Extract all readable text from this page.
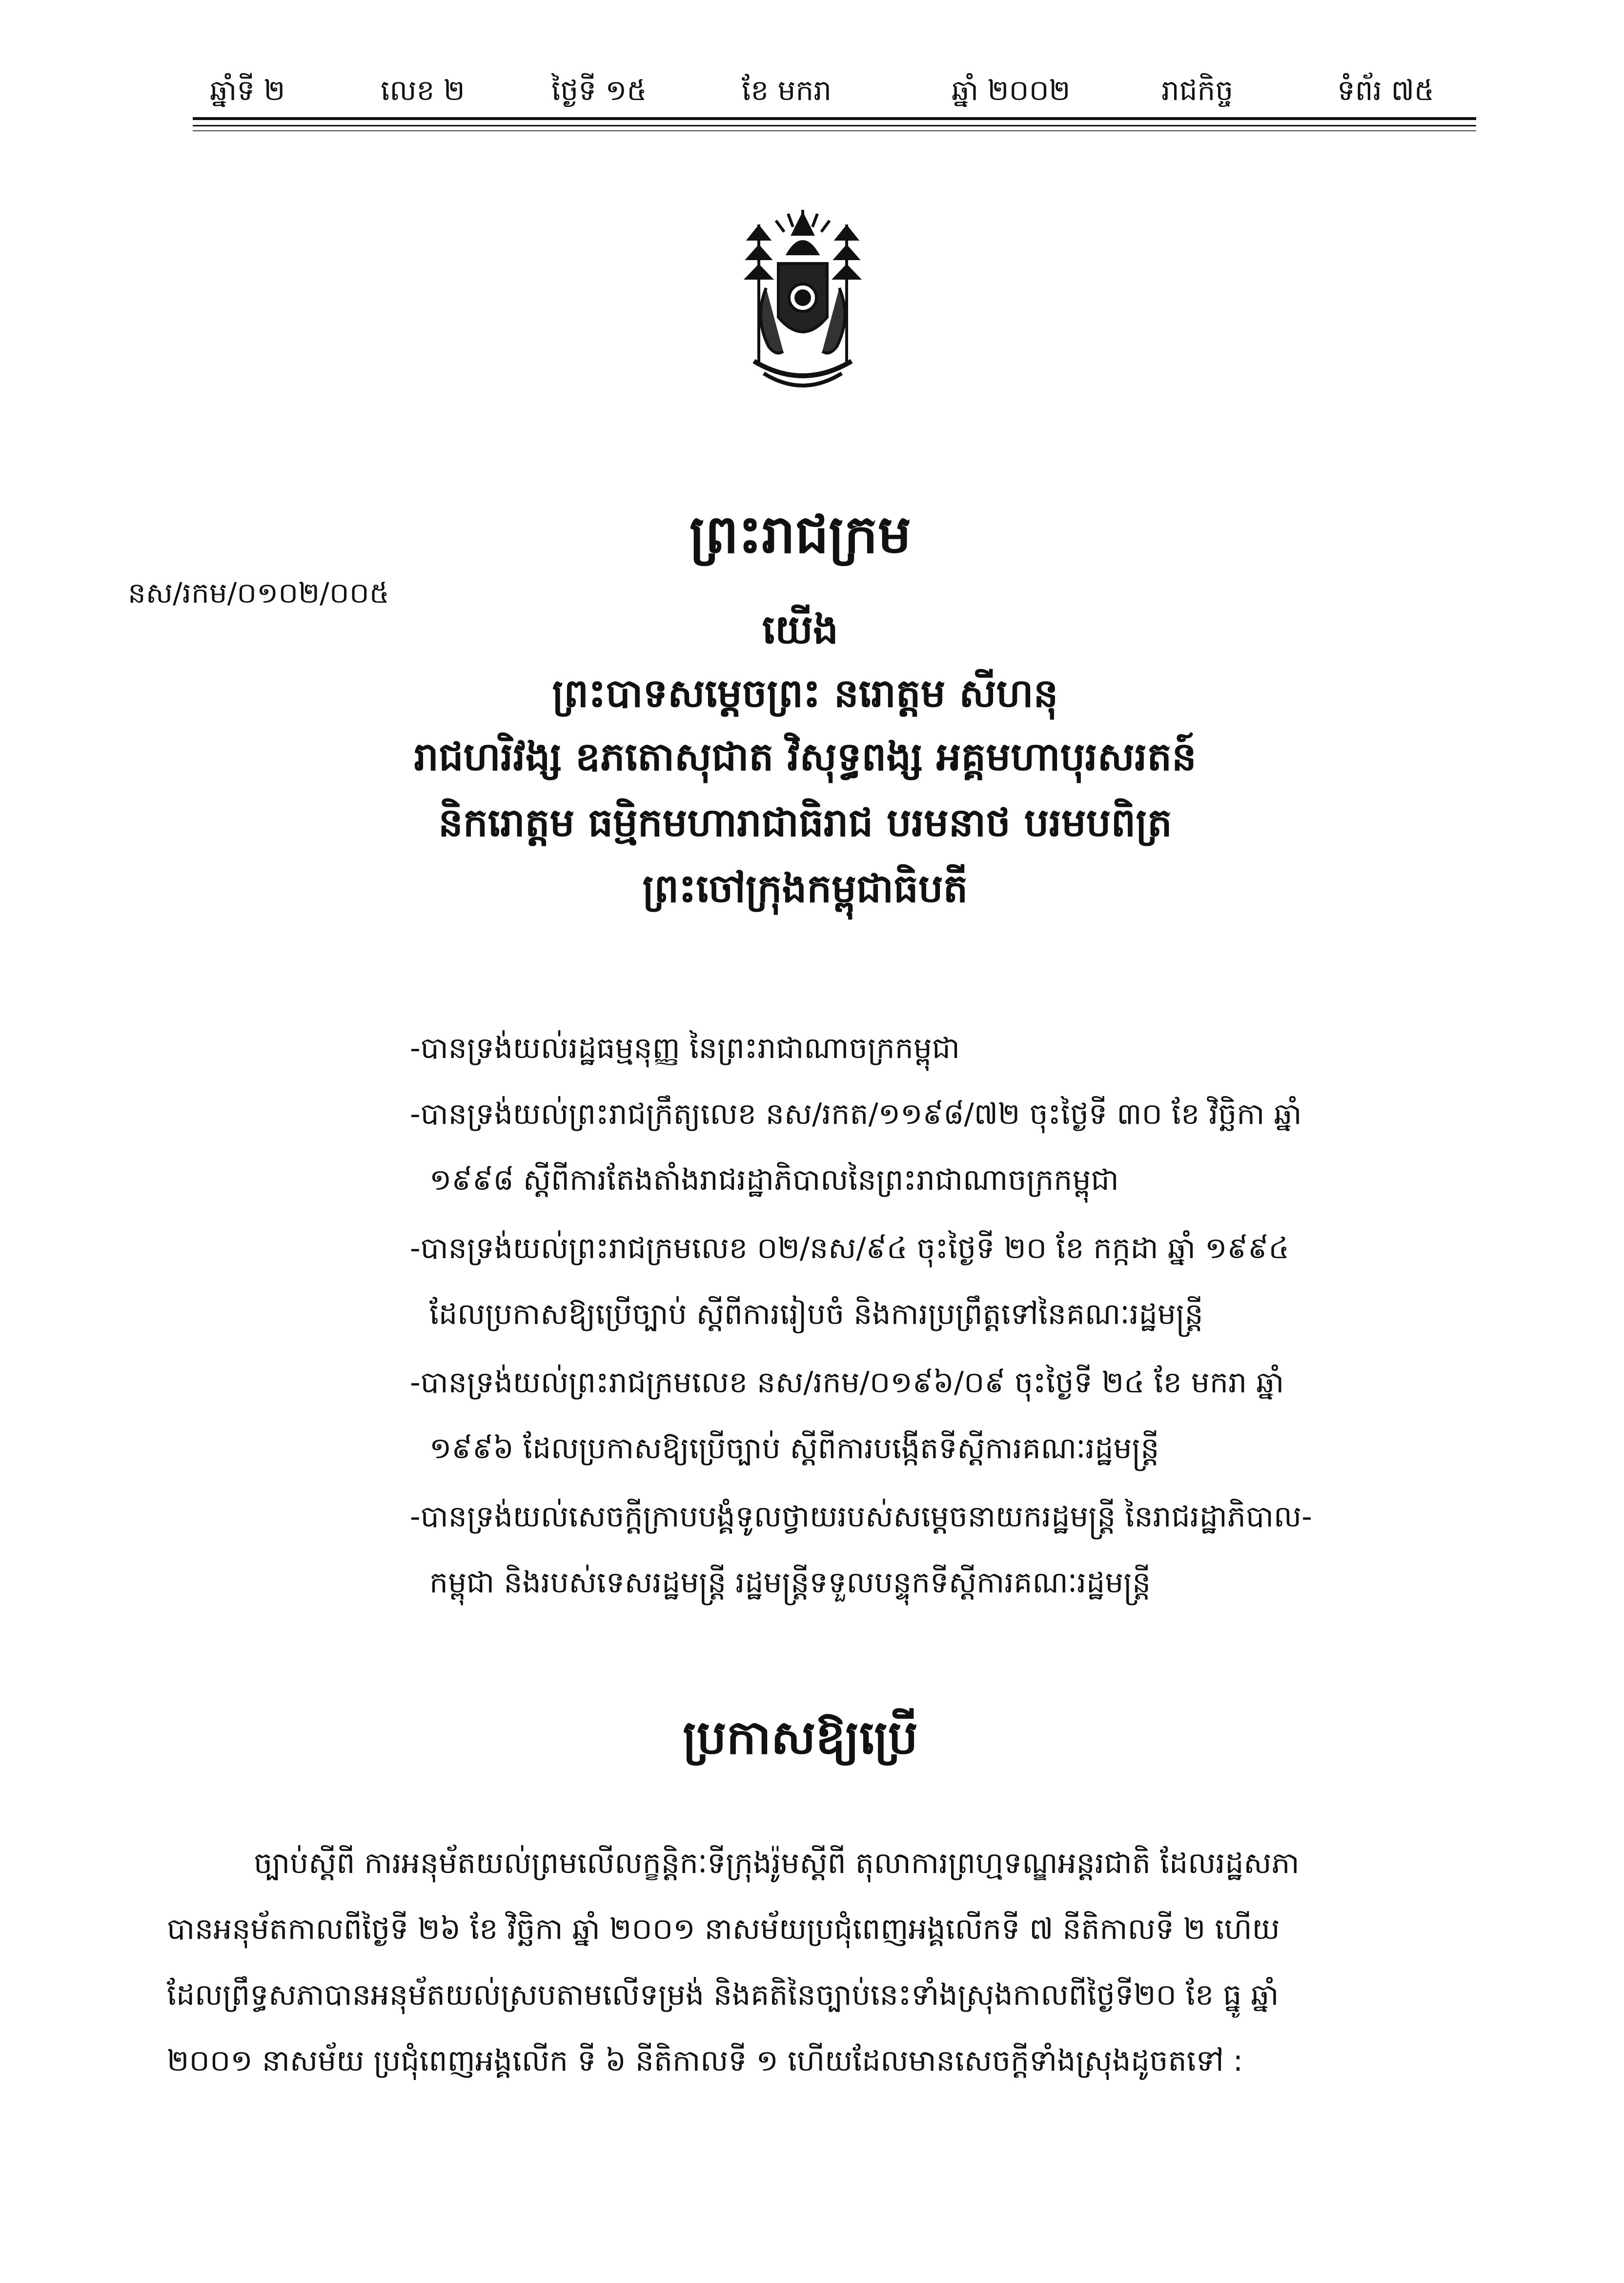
ឆ្នាំទី ២	លេខ ២	ថ្ងៃទី ១៥	ខែ មករា	ឆ្នាំ ២០០២	រាជកិច្ច	ទំព័រ ៧៥
ព្រះរាជក្រម
នស/រកម/០១០២/០០៥
យើង
ព្រះបាទសម្តេចព្រះ នរោត្តម សីហនុ
រាជហរិវង្ស ឧភតោសុជាត វិសុទ្ធពង្ស អគ្គមហាបុរសរតន៍
និករោត្តម ធម្មិកមហារាជាធិរាជ បរមនាថ បរមបពិត្រ
ព្រះចៅក្រុងកម្ពុជាធិបតី
-បានទ្រង់យល់រដ្ឋធម្មនុញ្ញ នៃព្រះរាជាណាចក្រកម្ពុជា
-បានទ្រង់យល់ព្រះរាជក្រឹត្យលេខ នស/រកត/១១៩៨/៧២ ចុះថ្ងៃទី ៣០ ខែ វិច្ឆិកា ឆ្នាំ
១៩៩៨ ស្តីពីការតែងតាំងរាជរដ្ឋាភិបាលនៃព្រះរាជាណាចក្រកម្ពុជា
-បានទ្រង់យល់ព្រះរាជក្រមលេខ ០២/នស/៩៤ ចុះថ្ងៃទី ២០ ខែ កក្កដា ឆ្នាំ ១៩៩៤
ដែលប្រកាសឱ្យប្រើច្បាប់ ស្តីពីការរៀបចំ និងការប្រព្រឹត្តទៅនៃគណៈរដ្ឋមន្ត្រី
-បានទ្រង់យល់ព្រះរាជក្រមលេខ នស/រកម/០១៩៦/០៩ ចុះថ្ងៃទី ២៤ ខែ មករា ឆ្នាំ
១៩៩៦ ដែលប្រកាសឱ្យប្រើច្បាប់ ស្តីពីការបង្កើតទីស្តីការគណៈរដ្ឋមន្ត្រី
-បានទ្រង់យល់សេចក្តីក្រាបបង្គំទូលថ្វាយរបស់សម្តេចនាយករដ្ឋមន្ត្រី នៃរាជរដ្ឋាភិបាល-
កម្ពុជា និងរបស់ទេសរដ្ឋមន្ត្រី រដ្ឋមន្ត្រីទទួលបន្ទុកទីស្តីការគណៈរដ្ឋមន្ត្រី
ប្រកាសឱ្យប្រើ
ច្បាប់ស្តីពី ការអនុម័តយល់ព្រមលើលក្ខន្តិកៈទីក្រុងរ៉ូមស្តីពី តុលាការព្រហ្មទណ្ឌអន្តរជាតិ ដែលរដ្ឋសភា
បានអនុម័តកាលពីថ្ងៃទី ២៦ ខែ វិច្ឆិកា ឆ្នាំ ២០០១ នាសម័យប្រជុំពេញអង្គលើកទី ៧ នីតិកាលទី ២ ហើយ
ដែលព្រឹទ្ធសភាបានអនុម័តយល់ស្របតាមលើទម្រង់ និងគតិនៃច្បាប់នេះទាំងស្រុងកាលពីថ្ងៃទី២០ ខែ ធ្នូ ឆ្នាំ
២០០១ នាសម័យ ប្រជុំពេញអង្គលើក ទី ៦ នីតិកាលទី ១ ហើយដែលមានសេចក្តីទាំងស្រុងដូចតទៅ :
